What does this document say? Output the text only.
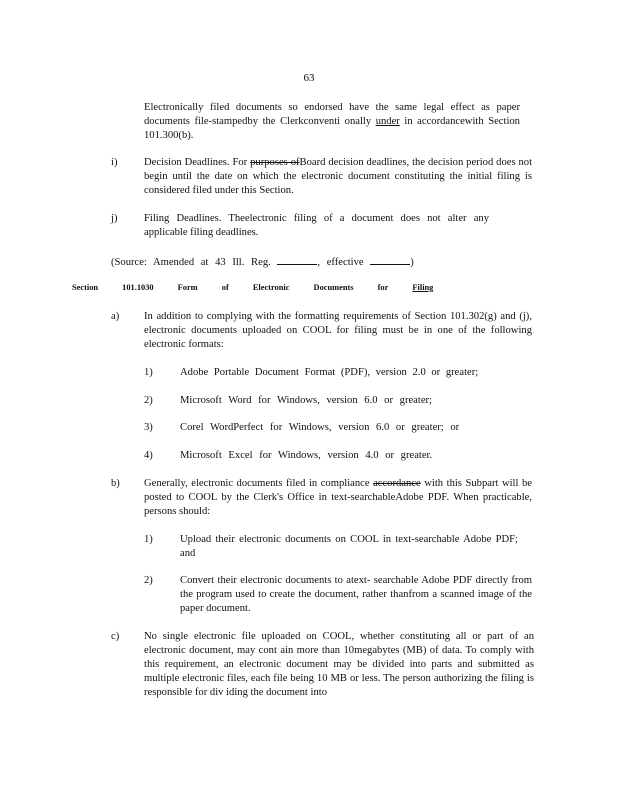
63
Electronically filed documents so endorsed have the same legal effect as paper documents file-stampedby the Clerkconventi onally under in accordancewith Section 101.300(b).
i)	Decision Deadlines. For purposes ofBoard decision deadlines, the decision period does not begin until the date on which the electronic document constituting the initial filing is considered filed under this Section.
j)	Filing Deadlines. Theelectronic filing of a document does not alter any applicable filing deadlines.
(Source: Amended at 43 Ill. Reg.	, effective	)
Section	101.1030	Form	of	Electronic	Documents	for	Filing
a) In addition to complying with the formatting requirements of Section 101.302(g) and (j), electronic documents uploaded on COOL for filing must be in one of the following electronic formats:
1)	Adobe Portable Document Format (PDF), version 2.0 or greater;
2)	Microsoft Word for Windows, version 6.0 or greater;
3)	Corel WordPerfect for Windows, version 6.0 or greater; or
4)	Microsoft Excel for Windows, version 4.0 or greater.
b) Generally, electronic documents filed in compliance accordance with this Subpart will be posted to COOL by the Clerk's Office in text-searchableAdobe PDF. When practicable, persons should:
1)	Upload their electronic documents on COOL in text-searchable Adobe PDF; and
2)	Convert their electronic documents to atext- searchable Adobe PDF directly from the program used to create the document, rather thanfrom a scanned image of the paper document.
c) No single electronic file uploaded on COOL, whether constituting all or part of an electronic document, may cont ain more than 10megabytes (MB) of data. To comply with this requirement, an electronic document may be divided into parts and submitted as multiple electronic files, each file being 10 MB or less. The person authorizing the filing is responsible for div iding the document into
